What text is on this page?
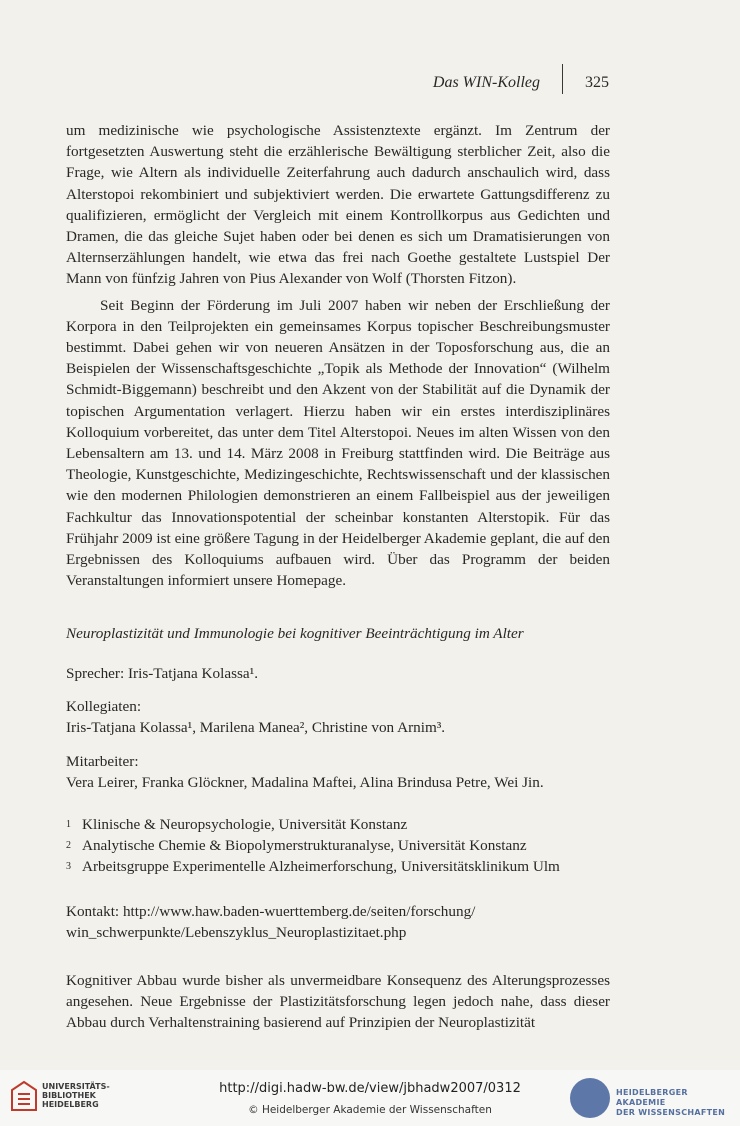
Das WIN-Kolleg	325

um medizinische wie psychologische Assistenztexte ergänzt. Im Zentrum der fortgesetzten Auswertung steht die erzählerische Bewältigung sterblicher Zeit, also die Frage, wie Altern als individuelle Zeiterfahrung auch dadurch anschaulich wird, dass Alterstopoi rekombiniert und subjektiviert werden. Die erwartete Gattungsdifferenz zu qualifizieren, ermöglicht der Vergleich mit einem Kontrollkorpus aus Gedichten und Dramen, die das gleiche Sujet haben oder bei denen es sich um Dramatisierungen von Alternserzählungen handelt, wie etwa das frei nach Goethe gestaltete Lustspiel Der Mann von fünfzig Jahren von Pius Alexander von Wolf (Thorsten Fitzon).

Seit Beginn der Förderung im Juli 2007 haben wir neben der Erschließung der Korpora in den Teilprojekten ein gemeinsames Korpus topischer Beschreibungsmuster bestimmt. Dabei gehen wir von neueren Ansätzen in der Toposforschung aus, die an Beispielen der Wissenschaftsgeschichte „Topik als Methode der Innovation“ (Wilhelm Schmidt-Biggemann) beschreibt und den Akzent von der Stabilität auf die Dynamik der topischen Argumentation verlagert. Hierzu haben wir ein erstes interdisziplinäres Kolloquium vorbereitet, das unter dem Titel Alterstopoi. Neues im alten Wissen von den Lebensaltern am 13. und 14. März 2008 in Freiburg stattfinden wird. Die Beiträge aus Theologie, Kunstgeschichte, Medizingeschichte, Rechtswissenschaft und der klassischen wie den modernen Philologien demonstrieren an einem Fallbeispiel aus der jeweiligen Fachkultur das Innovationspotential der scheinbar konstanten Alterstopik. Für das Frühjahr 2009 ist eine größere Tagung in der Heidelberger Akademie geplant, die auf den Ergebnissen des Kolloquiums aufbauen wird. Über das Programm der beiden Veranstaltungen informiert unsere Homepage.

Neuroplastizität und Immunologie bei kognitiver Beeinträchtigung im Alter

Sprecher: Iris-Tatjana Kolassa¹.

Kollegiaten:
Iris-Tatjana Kolassa¹, Marilena Manea², Christine von Arnim³.
Mitarbeiter:
Vera Leirer, Franka Glöckner, Madalina Maftei, Alina Brindusa Petre, Wei Jin.
1 Klinische & Neuropsychologie, Universität Konstanz
2 Analytische Chemie & Biopolymerstrukturanalyse, Universität Konstanz
3 Arbeitsgruppe Experimentelle Alzheimerforschung, Universitätsklinikum Ulm
Kontakt: http://www.haw.baden-wuerttemberg.de/seiten/forschung/
win_schwerpunkte/Lebenszyklus_Neuroplastizitaet.php

Kognitiver Abbau wurde bisher als unvermeidbare Konsequenz des Alterungsprozesses angesehen. Neue Ergebnisse der Plastizitätsforschung legen jedoch nahe, dass dieser Abbau durch Verhaltenstraining basierend auf Prinzipien der Neuroplastizität

UNIVERSITÄTS-
BIBLIOTHEK
HEIDELBERG
http://digi.hadw-bw.de/view/jbhadw2007/0312
© Heidelberger Akademie der Wissenschaften
HEIDELBERGER AKADEMIE
DER WISSENSCHAFTEN
